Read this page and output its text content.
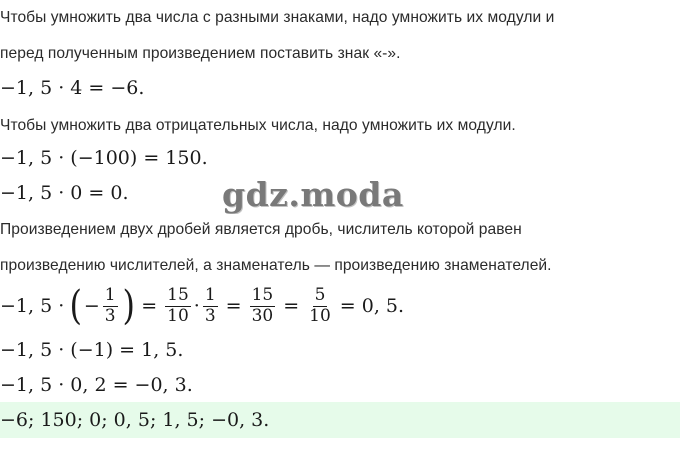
Чтобы умножить два числа с разными знаками, надо умножить их модули и
перед полученным произведением поставить знак «-».
−1, 5 · 4 = −6.
Чтобы умножить два отрицательных числа, надо умножить их модули.
−1, 5 · (−100) = 150.
−1, 5 · 0 = 0.	gdz.moda
Произведением двух дробей является дробь, числитель которой равен
произведению числителей, а знаменатель — произведению знаменателей.
−1, 5 · ( − $\frac{1}{3}$ ) = $\frac{15}{10} \cdot \frac{1}{3} = \frac{15}{30} = \frac{5}{10} = 0$, 5.
−1, 5 · (−1) = 1, 5.
−1, 5 · 0, 2 = −0, 3.
−6; 150; 0; 0, 5; 1, 5; −0, 3.
